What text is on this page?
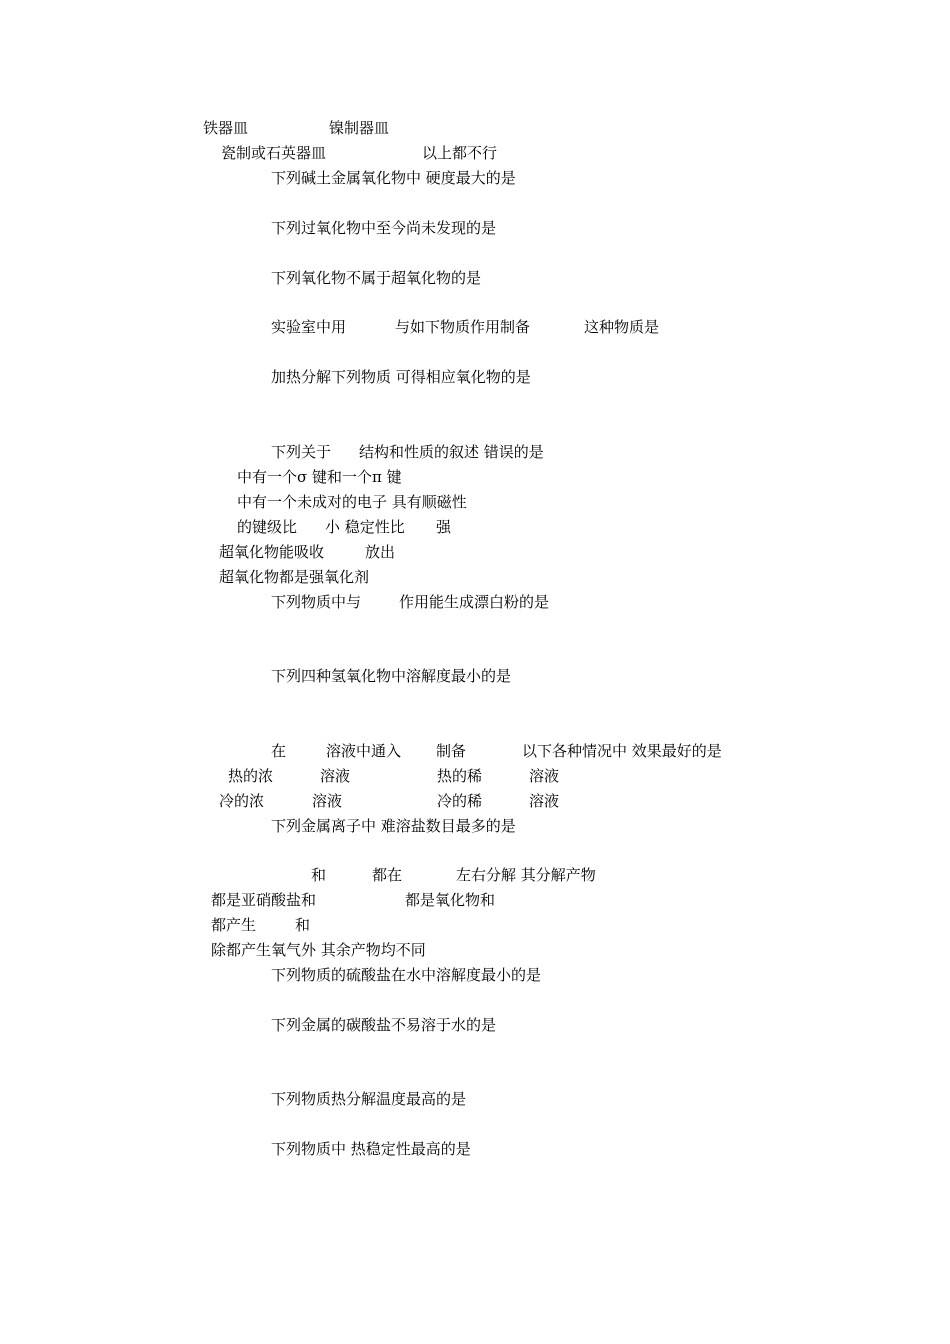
铁器皿	镍制器皿
瓷制或石英器皿	以上都不行
下列碱土金属氧化物中 硬度最大的是
下列过氧化物中至今尚未发现的是
下列氧化物不属于超氧化物的是
实验室中用	与如下物质作用制备	这种物质是
加热分解下列物质 可得相应氧化物的是
下列关于 结构和性质的叙述 错误的是
中有一个σ 键和一个π 键
中有一个未成对的电子 具有顺磁性
的键级比 小 稳定性比 强
超氧化物能吸收	放出
超氧化物都是强氧化剂
下列物质中与	作用能生成漂白粉的是
下列四种氢氧化物中溶解度最小的是
在	溶液中通入 制备	以下各种情况中 效果最好的是
热的浓	溶液	热的稀	溶液
冷的浓	溶液	冷的稀	溶液
下列金属离子中 难溶盐数目最多的是
和	都在	左右分解 其分解产物
都是亚硝酸盐和	都是氧化物和
都产生	和
除都产生氧气外 其余产物均不同
下列物质的硫酸盐在水中溶解度最小的是
下列金属的碳酸盐不易溶于水的是
下列物质热分解温度最高的是
下列物质中 热稳定性最高的是
